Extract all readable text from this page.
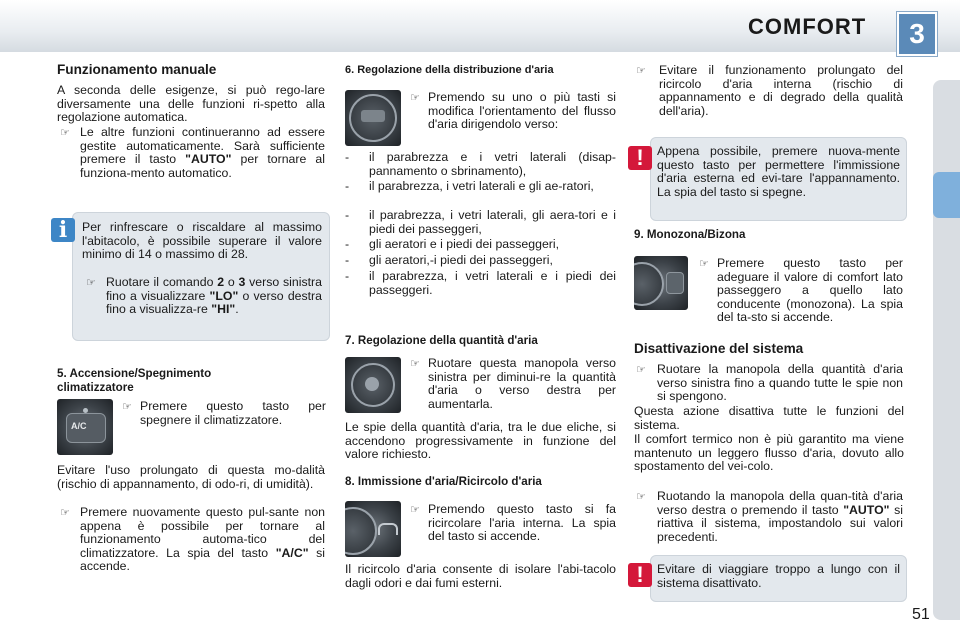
COMFORT	3
Funzionamento manuale
A seconda delle esigenze, si può rego-lare diversamente una delle funzioni ri-spetto alla regolazione automatica.
☞ Le altre funzioni continueranno ad essere gestite automaticamente. Sarà sufficiente premere il tasto "AUTO" per tornare al funziona-mento automatico.
i	Per rinfrescare o riscaldare al massimo l'abitacolo, è possibile superare il valore minimo di 14 o massimo di 28.
☞ Ruotare il comando 2 o 3 verso sinistra fino a visualizzare "LO" o verso destra fino a visualizza-re "HI".
5. Accensione/Spegnimento climatizzatore
A/C
☞ Premere questo tasto per spegnere il climatizzatore.
Evitare l'uso prolungato di questa mo-dalità (rischio di appannamento, di odo-ri, di umidità).
☞ Premere nuovamente questo pul-sante non appena è possibile per tornare al funzionamento automa-tico del climatizzatore. La spia del tasto "A/C" si accende.
6. Regolazione della distribuzione d'aria
☞ Premendo su uno o più tasti si modifica l'orientamento del flusso d'aria dirigendolo verso:
- il parabrezza e i vetri laterali (disap-pannamento o sbrinamento),
- il parabrezza, i vetri laterali e gli ae-ratori,
- il parabrezza, i vetri laterali, gli aera-tori e i piedi dei passeggeri,
- gli aeratori e i piedi dei passeggeri,
- gli aeratori,-i piedi dei passeggeri,
- il parabrezza, i vetri laterali e i piedi dei passeggeri.
7. Regolazione della quantità d'aria
☞ Ruotare questa manopola verso sinistra per diminui-re la quantità d'aria o verso destra per aumentarla.
Le spie della quantità d'aria, tra le due eliche, si accendono progressivamente in funzione del valore richiesto.
8. Immissione d'aria/Ricircolo d'aria
☞ Premendo questo tasto si fa ricircolare l'aria interna. La spia del tasto si accende.
Il ricircolo d'aria consente di isolare l'abi-tacolo dagli odori e dai fumi esterni.
☞ Evitare il funzionamento prolungato del ricircolo d'aria interna (rischio di appannamento e di degrado della qualità dell'aria).
!	Appena possibile, premere nuova-mente questo tasto per permettere l'immissione d'aria esterna ed evi-tare l'appannamento. La spia del tasto si spegne.
9. Monozona/Bizona
☞ Premere questo tasto per adeguare il valore di comfort lato passeggero a quello lato conducente (monozona). La spia del ta-sto si accende.
Disattivazione del sistema
☞ Ruotare la manopola della quantità d'aria verso sinistra fino a quando tutte le spie non si spengono.
Questa azione disattiva tutte le funzioni del sistema.
Il comfort termico non è più garantito ma viene mantenuto un leggero flusso d'aria, dovuto allo spostamento del vei-colo.
☞ Ruotando la manopola della quan-tità d'aria verso destra o premendo il tasto "AUTO" si riattiva il sistema, impostandolo sui valori precedenti.
!	Evitare di viaggiare troppo a lungo con il sistema disattivato.
51
